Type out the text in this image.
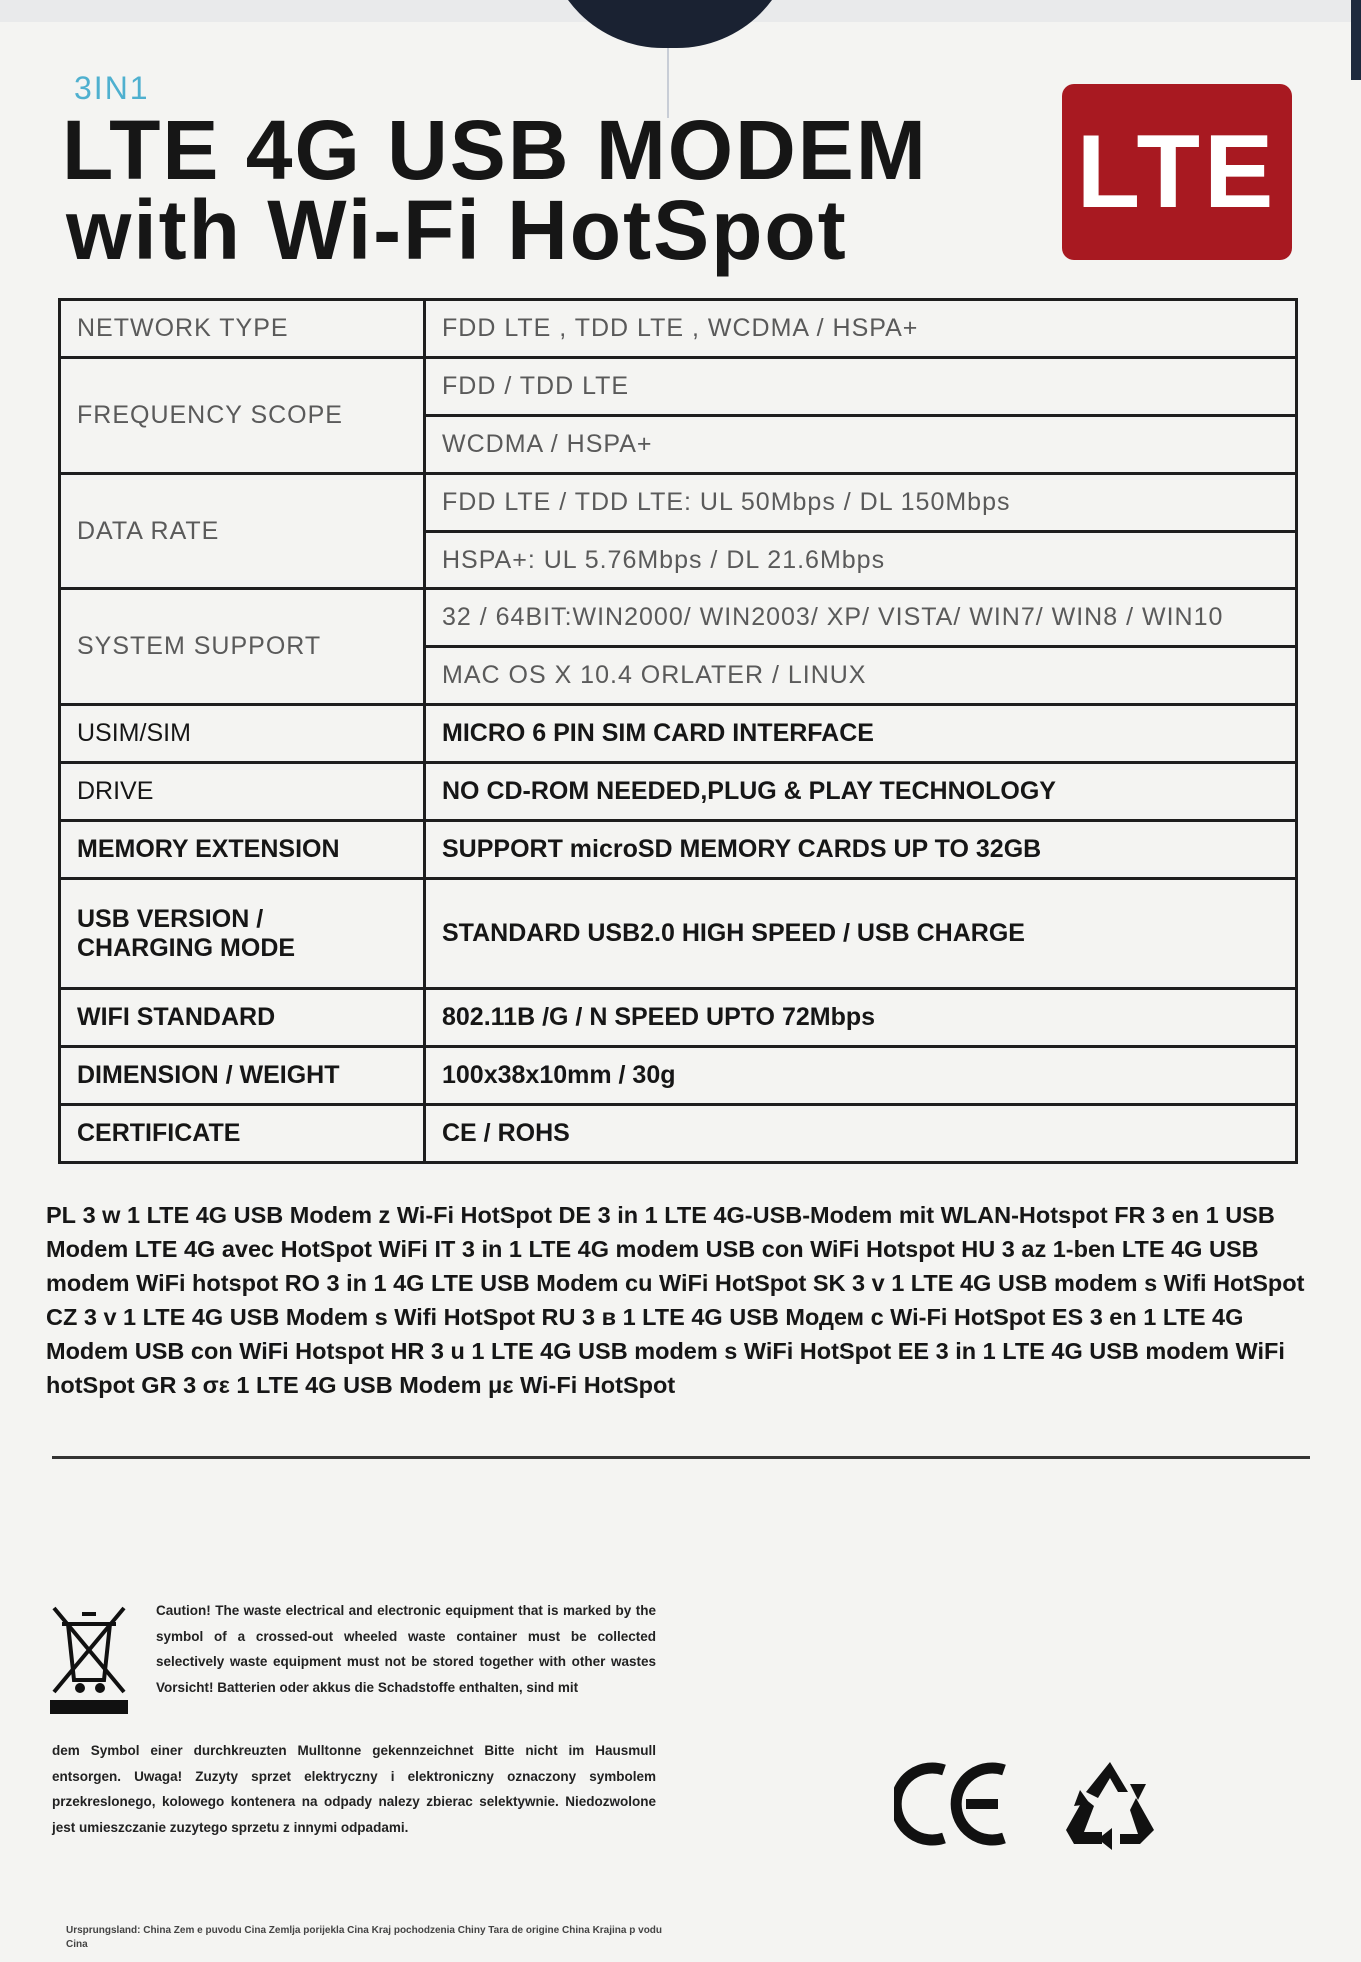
3IN1
LTE 4G USB MODEM
with Wi-Fi HotSpot
LTE
NETWORK TYPE	FDD LTE , TDD LTE , WCDMA / HSPA+
FREQUENCY SCOPE	FDD / TDD LTE
	WCDMA / HSPA+
DATA RATE	FDD LTE / TDD LTE: UL 50Mbps / DL 150Mbps
	HSPA+: UL 5.76Mbps / DL 21.6Mbps
SYSTEM SUPPORT	32 / 64BIT:WIN2000/ WIN2003/ XP/ VISTA/ WIN7/ WIN8 / WIN10
	MAC OS X 10.4 ORLATER / LINUX
USIM/SIM	MICRO 6 PIN SIM CARD INTERFACE
DRIVE	NO CD-ROM NEEDED,PLUG & PLAY TECHNOLOGY
MEMORY EXTENSION	SUPPORT microSD MEMORY CARDS UP TO 32GB

USB VERSION /
CHARGING MODE	STANDARD USB2.0 HIGH SPEED / USB CHARGE
WIFI STANDARD	802.11B /G / N SPEED UPTO 72Mbps
DIMENSION / WEIGHT	100x38x10mm / 30g
CERTIFICATE	CE / ROHS
PL 3 w 1 LTE 4G USB Modem z Wi-Fi HotSpot DE 3 in 1 LTE 4G-USB-Modem mit WLAN-Hotspot FR 3 en 1 USB Modem LTE 4G avec HotSpot WiFi IT 3 in 1 LTE 4G modem USB con WiFi Hotspot HU 3 az 1-ben LTE 4G USB modem WiFi hotspot RO 3 in 1 4G LTE USB Modem cu WiFi HotSpot SK 3 v 1 LTE 4G USB modem s Wifi HotSpot CZ 3 v 1 LTE 4G USB Modem s Wifi HotSpot RU 3 в 1 LTE 4G USB Модем с Wi-Fi HotSpot ES 3 en 1 LTE 4G Modem USB con WiFi Hotspot HR 3 u 1 LTE 4G USB modem s WiFi HotSpot EE 3 in 1 LTE 4G USB modem WiFi hotSpot GR 3 σε 1 LTE 4G USB Modem με Wi-Fi HotSpot
Caution! The waste electrical and electronic equipment that is marked by the symbol of a crossed-out wheeled waste container must be collected selectively waste equipment must not be stored together with other wastes Vorsicht! Batterien oder akkus die Schadstoffe enthalten, sind mit
dem Symbol einer durchkreuzten Mulltonne gekennzeichnet Bitte nicht im Hausmull entsorgen. Uwaga! Zuzyty sprzet elektryczny i elektroniczny oznaczony symbolem przekreslonego, kolowego kontenera na odpady nalezy zbierac selektywnie. Niedozwolone jest umieszczanie zuzytego sprzetu z innymi odpadami.
Ursprungsland: China Zem e puvodu Cina Zemlja porijekla Cina Kraj pochodzenia Chiny Tara de origine China Krajina p vodu Cina
